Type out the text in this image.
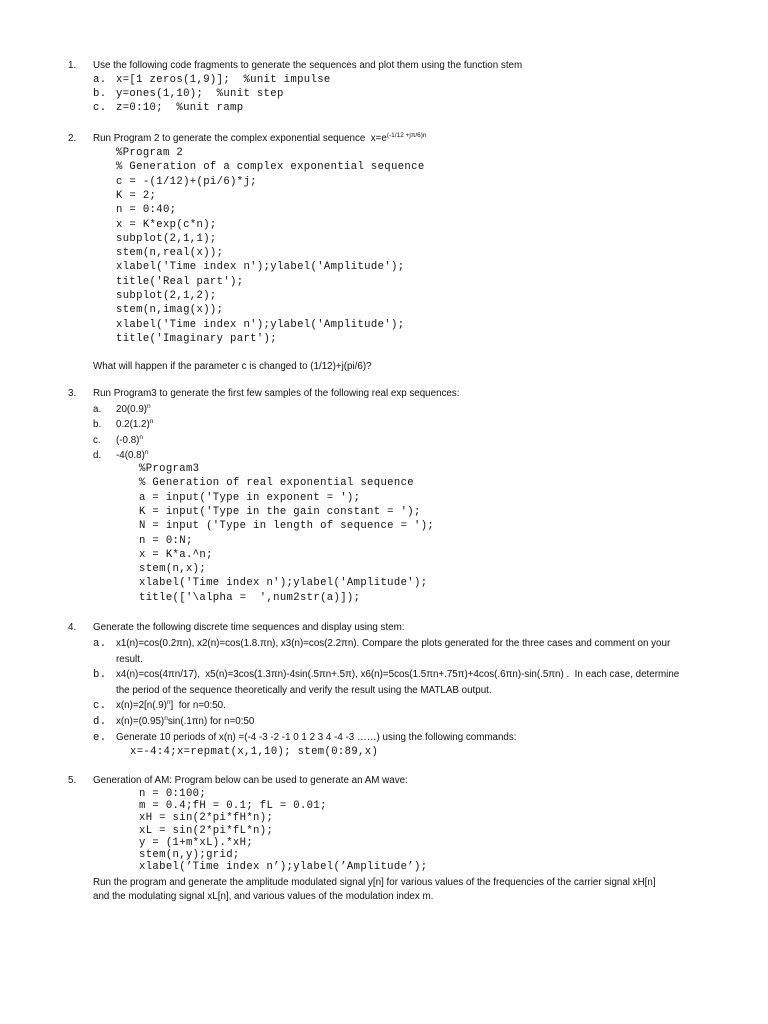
1. Use the following code fragments to generate the sequences and plot them using the function stem
a. x=[1 zeros(1,9)];  %unit impulse
b. y=ones(1,10);  %unit step
c. z=0:10;  %unit ramp
2. Run Program 2 to generate the complex exponential sequence  $x=e^{(-1/12 +j\pi/6)n}$
%Program 2
% Generation of a complex exponential sequence
c = -(1/12)+(pi/6)*j;
K = 2;
n = 0:40;
x = K*exp(c*n);
subplot(2,1,1);
stem(n,real(x));
xlabel('Time index n');ylabel('Amplitude');
title('Real part');
subplot(2,1,2);
stem(n,imag(x));
xlabel('Time index n');ylabel('Amplitude');
title('Imaginary part');
What will happen if the parameter c is changed to (1/12)+j(pi/6)?
3. Run Program3 to generate the first few samples of the following real exp sequences:
a. $20(0.9)^n$
b. $0.2(1.2)^n$
c. $(-0.8)^n$
d. $-4(0.8)^n$
%Program3
% Generation of real exponential sequence
a = input('Type in exponent = ');
K = input('Type in the gain constant = ');
N = input ('Type in length of sequence = ');
n = 0:N;
x = K*a.^n;
stem(n,x);
xlabel('Time index n');ylabel('Amplitude');
title(['\alpha =  ',num2str(a)]);
4. Generate the following discrete time sequences and display using stem:
a. x1(n)=cos(0.2πn), x2(n)=cos(1.8.πn), x3(n)=cos(2.2πn). Compare the plots generated for the three cases and comment on your
result.
b. x4(n)=cos(4πn/17),  x5(n)=3cos(1.3πn)-4sin(.5πn+.5π), x6(n)=5cos(1.5πn+.75π)+4cos(.6πn)-sin(.5πn) .  In each case, determine
the period of the sequence theoretically and verify the result using the MATLAB output.
c. $x(n)=2[n(.9)^n]$  for n=0:50.
d. $x(n)=(0.95)^n\sin(.1\pi n)$ for n=0:50
e. Generate 10 periods of x(n) =(-4 -3 -2 -1 0 1 2 3 4 -4 -3 ……) using the following commands:
x=-4:4;x=repmat(x,1,10); stem(0:89,x)
5. Generation of AM: Program below can be used to generate an AM wave:
n = 0:100;
m = 0.4;fH = 0.1; fL = 0.01;
xH = sin(2*pi*fH*n);
xL = sin(2*pi*fL*n);
y = (1+m*xL).*xH;
stem(n,y);grid;
xlabel(’Time index n’);ylabel(’Amplitude’);
Run the program and generate the amplitude modulated signal y[n] for various values of the frequencies of the carrier signal xH[n]
and the modulating signal xL[n], and various values of the modulation index m.
